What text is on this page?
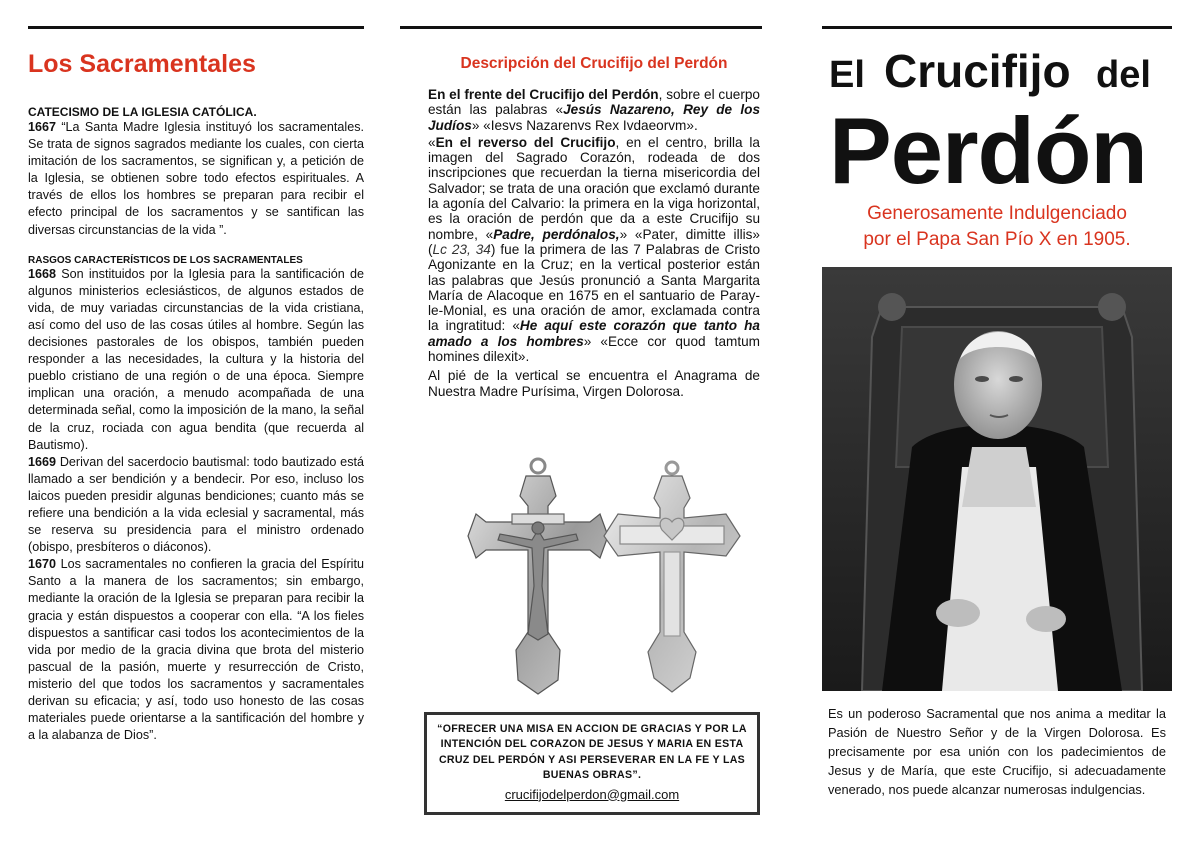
Los Sacramentales

CATECISMO DE LA IGLESIA CATÓLICA.

1667 “La Santa Madre Iglesia instituyó los sacramentales. Se trata de signos sagrados mediante los cuales, con cierta imitación de los sacramentos, se significan y, a petición de la Iglesia, se obtienen sobre todo efectos espirituales. A través de ellos los hombres se preparan para recibir el efecto principal de los sacramentos y se santifican las diversas circunstancias de la vida ”.

RASGOS CARACTERÍSTICOS DE LOS SACRAMENTALES

1668 Son instituidos por la Iglesia para la santificación de algunos ministerios eclesiásticos, de algunos estados de vida, de muy variadas circunstancias de la vida cristiana, así como del uso de las cosas útiles al hombre. Según las decisiones pastorales de los obispos, también pueden responder a las necesidades, la cultura y la historia del pueblo cristiano de una región o de una época. Siempre implican una oración, a menudo acompañada de una determinada señal, como la imposición de la mano, la señal de la cruz, rociada con agua bendita (que recuerda al Bautismo).

1669 Derivan del sacerdocio bautismal: todo bautizado está llamado a ser bendición y a bendecir. Por eso, incluso los laicos pueden presidir algunas bendiciones; cuanto más se refiere una bendición a la vida eclesial y sacramental, más se reserva su presidencia para el ministro ordenado (obispo, presbíteros o diáconos).

1670 Los sacramentales no confieren la gracia del Espíritu Santo a la manera de los sacramentos; sin embargo, mediante la oración de la Iglesia se preparan para recibir la gracia y están dispuestos a cooperar con ella. “A los fieles dispuestos a santificar casi todos los acontecimientos de la vida por medio de la gracia divina que brota del misterio pascual de la pasión, muerte y resurrección de Cristo, misterio del que todos los sacramentos y sacramentales derivan su eficacia; y así, todo uso honesto de las cosas materiales puede orientarse a la santificación del hombre y a la alabanza de Dios”.

Descripción del Crucifijo del Perdón

En el frente del Crucifijo del Perdón, sobre el cuerpo están las palabras «Jesús Nazareno, Rey de los Judíos» «Iesvs Nazarenvs Rex Ivdaeorvm».

«En el reverso del Crucifijo, en el centro, brilla la imagen del Sagrado Corazón, rodeada de dos inscripciones que recuerdan la tierna misericordia del Salvador; se trata de una oración que exclamó durante la agonía del Calvario: la primera en la viga horizontal, es la oración de perdón que da a este Crucifijo su nombre, «Padre, perdónalos,» «Pater, dimitte illis» (Lc 23, 34) fue la primera de las 7 Palabras de Cristo Agonizante en la Cruz; en la vertical posterior están las palabras que Jesús pronunció a Santa Margarita María de Alacoque en 1675 en el santuario de Paray-le-Monial, es una oración de amor, exclamada contra la ingratitud: «He aquí este corazón que tanto ha amado a los hombres» «Ecce cor quod tamtum homines dilexit».

Al pié de la vertical se encuentra el Anagrama de Nuestra Madre Purísima, Virgen Dolorosa.

“OFRECER UNA MISA EN ACCION DE GRACIAS Y POR LA INTENCIÓN DEL CORAZON DE JESUS Y MARIA EN ESTA CRUZ DEL PERDÓN Y ASI PERSEVERAR EN LA FE Y LAS BUENAS OBRAS”.

crucifijodelperdon@gmail.com
El Crucifijo del
Perdón
Generosamente Indulgenciado
por el Papa San Pío X en 1905.

Es un poderoso Sacramental que nos anima a meditar la Pasión de Nuestro Señor y de la Virgen Dolorosa. Es precisamente por esa unión con los padecimientos de Jesus y de María, que este Crucifijo, si adecuadamente venerado, nos puede alcanzar numerosas indulgencias.
